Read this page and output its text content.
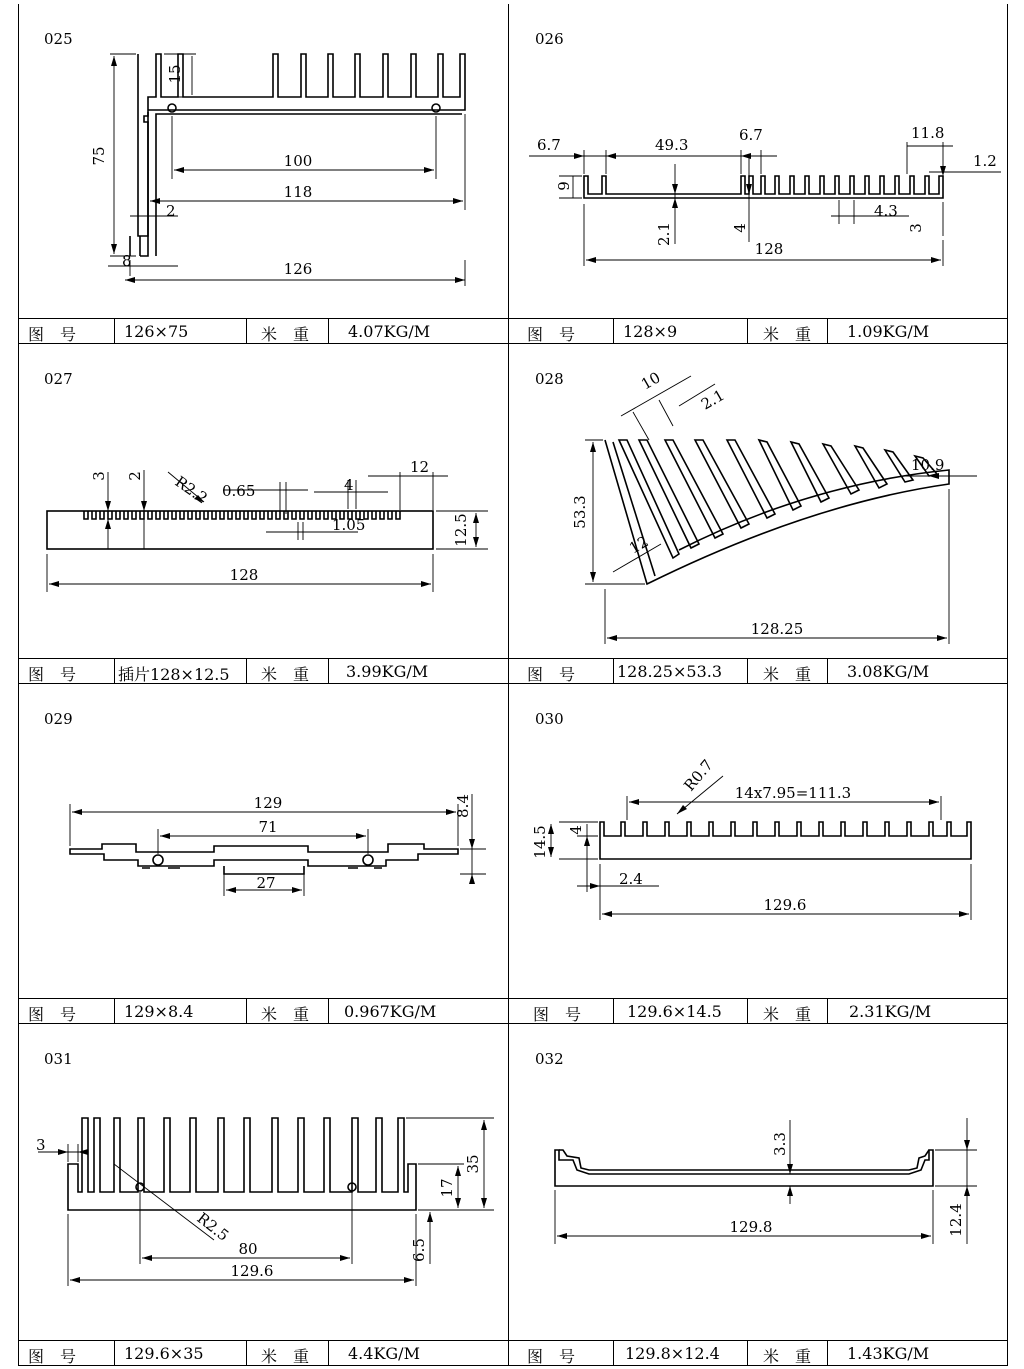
025
75
15
100
118
2
8	126
图　号	126×75	米　重 4.07KG/M
026
6.7	49.3
6.7	11.8
1.2
9
2.1	4
4.3
3
128
图　号	128×9	米　重 1.09KG/M
027
3 2 R2.2 0.65	4
12
1.05	12.5
128
图　号	插片128×12.5 米　重 3.99KG/M
028	10
2.1
10.9
53.3
12
128.25
图　号	128.25×53.3	米　重 3.08KG/M
029
129
71
8.4
27
图　号	129×8.4	米　重 0.967KG/M
030
R0.7 14x7.95=111.3
14.5 4
2.4
129.6
图　号	129.6×14.5	米　重 2.31KG/M
031
3
35
17
R2.5
80
129.6
6.5
图　号	129.6×35	米　重 4.4KG/M
032
3.3
129.8	12.4
图　号	129.8×12.4	米　重 1.43KG/M
